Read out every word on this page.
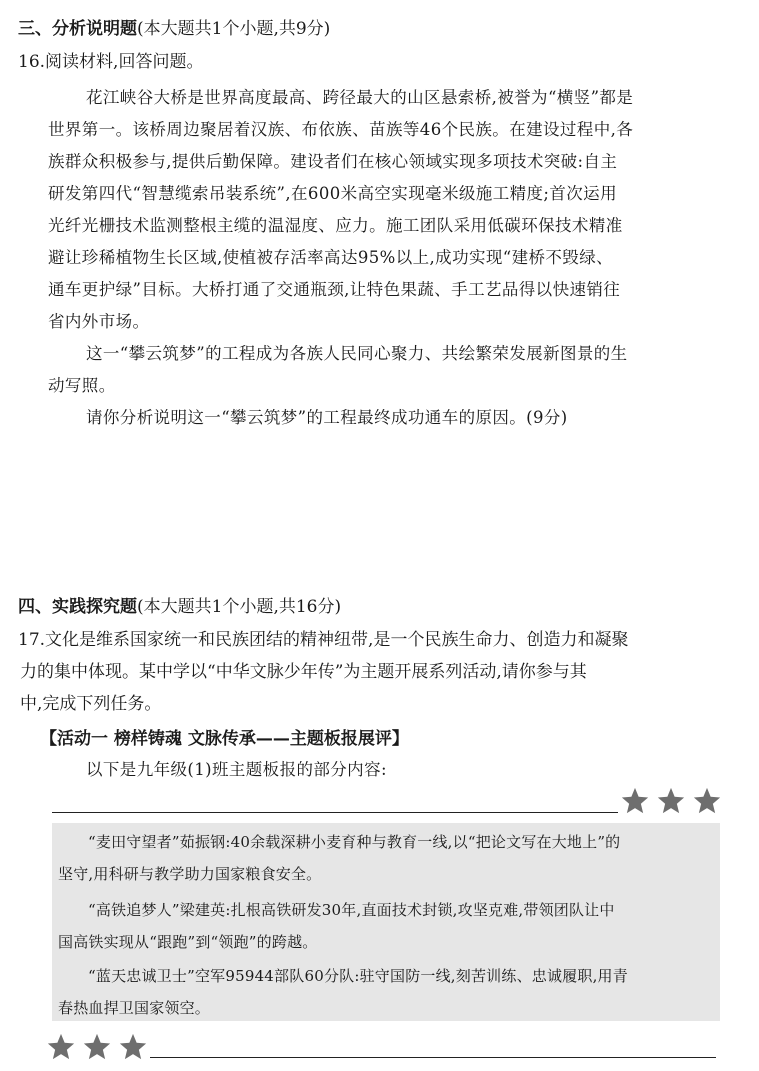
三、分析说明题(本大题共1个小题,共9分)
16.阅读材料,回答问题。
花江峡谷大桥是世界高度最高、跨径最大的山区悬索桥,被誉为“横竖”都是
世界第一。该桥周边聚居着汉族、布依族、苗族等46个民族。在建设过程中,各
族群众积极参与,提供后勤保障。建设者们在核心领域实现多项技术突破:自主
研发第四代“智慧缆索吊装系统”,在600米高空实现毫米级施工精度;首次运用
光纤光栅技术监测整根主缆的温湿度、应力。施工团队采用低碳环保技术精准
避让珍稀植物生长区域,使植被存活率高达95%以上,成功实现“建桥不毁绿、
通车更护绿”目标。大桥打通了交通瓶颈,让特色果蔬、手工艺品得以快速销往
省内外市场。
这一“攀云筑梦”的工程成为各族人民同心聚力、共绘繁荣发展新图景的生
动写照。
请你分析说明这一“攀云筑梦”的工程最终成功通车的原因。(9分)
四、实践探究题(本大题共1个小题,共16分)
17.文化是维系国家统一和民族团结的精神纽带,是一个民族生命力、创造力和凝聚
力的集中体现。某中学以“中华文脉少年传”为主题开展系列活动,请你参与其
中,完成下列任务。
【活动一 榜样铸魂 文脉传承——主题板报展评】
以下是九年级(1)班主题板报的部分内容:
“麦田守望者”茹振钢:40余载深耕小麦育种与教育一线,以“把论文写在大地上”的
坚守,用科研与教学助力国家粮食安全。
“高铁追梦人”梁建英:扎根高铁研发30年,直面技术封锁,攻坚克难,带领团队让中
国高铁实现从“跟跑”到“领跑”的跨越。
“蓝天忠诚卫士”空军95944部队60分队:驻守国防一线,刻苦训练、忠诚履职,用青
春热血捍卫国家领空。
